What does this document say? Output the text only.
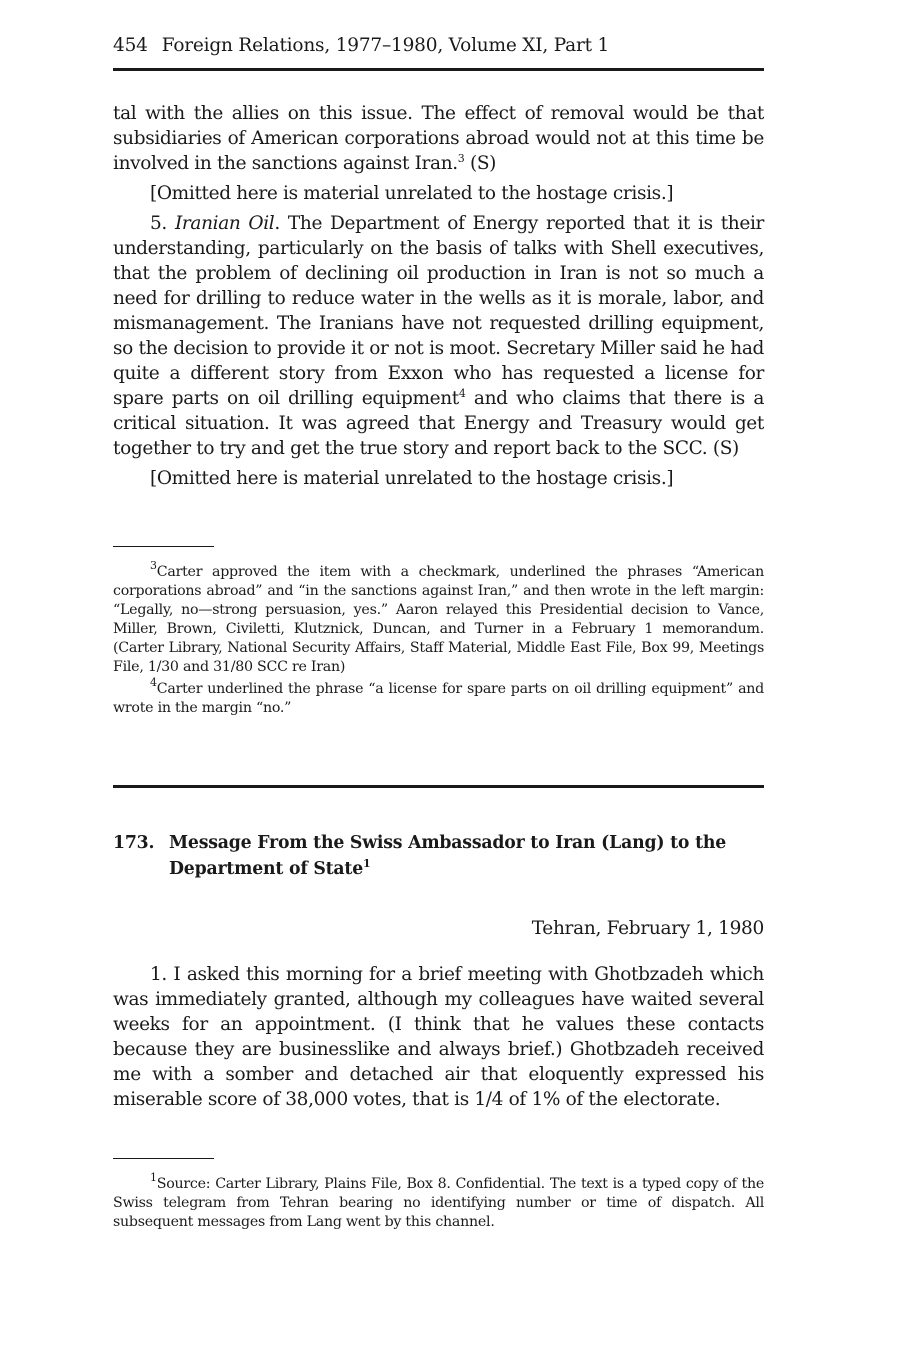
454 Foreign Relations, 1977–1980, Volume XI, Part 1

tal with the allies on this issue. The effect of removal would be that subsidiaries of American corporations abroad would not at this time be involved in the sanctions against Iran.$^3$ (S)

[Omitted here is material unrelated to the hostage crisis.]

5. Iranian Oil. The Department of Energy reported that it is their understanding, particularly on the basis of talks with Shell executives, that the problem of declining oil production in Iran is not so much a need for drilling to reduce water in the wells as it is morale, labor, and mismanagement. The Iranians have not requested drilling equipment, so the decision to provide it or not is moot. Secretary Miller said he had quite a different story from Exxon who has requested a license for spare parts on oil drilling equipment$^4$ and who claims that there is a critical situation. It was agreed that Energy and Treasury would get together to try and get the true story and report back to the SCC. (S)

[Omitted here is material unrelated to the hostage crisis.]

$^3$Carter approved the item with a checkmark, underlined the phrases “American corporations abroad” and “in the sanctions against Iran,” and then wrote in the left margin: “Legally, no—strong persuasion, yes.” Aaron relayed this Presidential decision to Vance, Miller, Brown, Civiletti, Klutznick, Duncan, and Turner in a February 1 memorandum. (Carter Library, National Security Affairs, Staff Material, Middle East File, Box 99, Meetings File, 1/30 and 31/80 SCC re Iran)

$^4$Carter underlined the phrase “a license for spare parts on oil drilling equipment” and wrote in the margin “no.”

173. Message From the Swiss Ambassador to Iran (Lang) to the Department of State$^1$
Tehran, February 1, 1980

1. I asked this morning for a brief meeting with Ghotbzadeh which was immediately granted, although my colleagues have waited several weeks for an appointment. (I think that he values these contacts because they are businesslike and always brief.) Ghotbzadeh received me with a somber and detached air that eloquently expressed his miserable score of 38,000 votes, that is 1/4 of 1% of the electorate.

$^1$Source: Carter Library, Plains File, Box 8. Confidential. The text is a typed copy of the Swiss telegram from Tehran bearing no identifying number or time of dispatch. All subsequent messages from Lang went by this channel.
